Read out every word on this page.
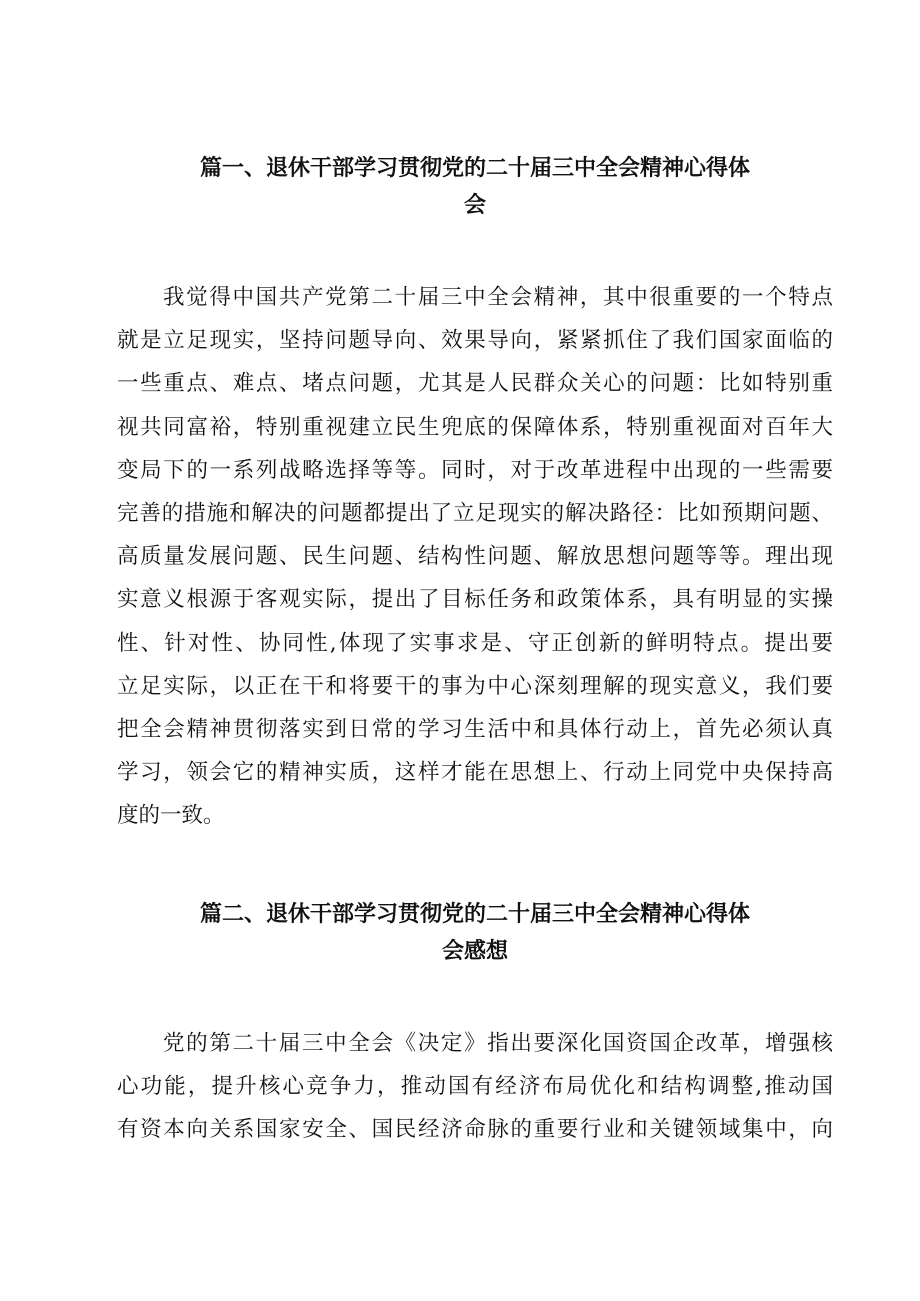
篇一、退休干部学习贯彻党的二十届三中全会精神心得体
会
我觉得中国共产党第二十届三中全会精神，其中很重要的一个特点
就是立足现实，坚持问题导向、效果导向，紧紧抓住了我们国家面临的
一些重点、难点、堵点问题，尤其是人民群众关心的问题：比如特别重
视共同富裕，特别重视建立民生兜底的保障体系，特别重视面对百年大
变局下的一系列战略选择等等。同时，对于改革进程中出现的一些需要
完善的措施和解决的问题都提出了立足现实的解决路径：比如预期问题、
高质量发展问题、民生问题、结构性问题、解放思想问题等等。理出现
实意义根源于客观实际，提出了目标任务和政策体系，具有明显的实操
性、针对性、协同性,体现了实事求是、守正创新的鲜明特点。提出要
立足实际，以正在干和将要干的事为中心深刻理解的现实意义，我们要
把全会精神贯彻落实到日常的学习生活中和具体行动上，首先必须认真
学习，领会它的精神实质，这样才能在思想上、行动上同党中央保持高
度的一致。
篇二、退休干部学习贯彻党的二十届三中全会精神心得体
会感想
党的第二十届三中全会《决定》指出要深化国资国企改革，增强核
心功能，提升核心竞争力，推动国有经济布局优化和结构调整,推动国
有资本向关系国家安全、国民经济命脉的重要行业和关键领域集中，向
